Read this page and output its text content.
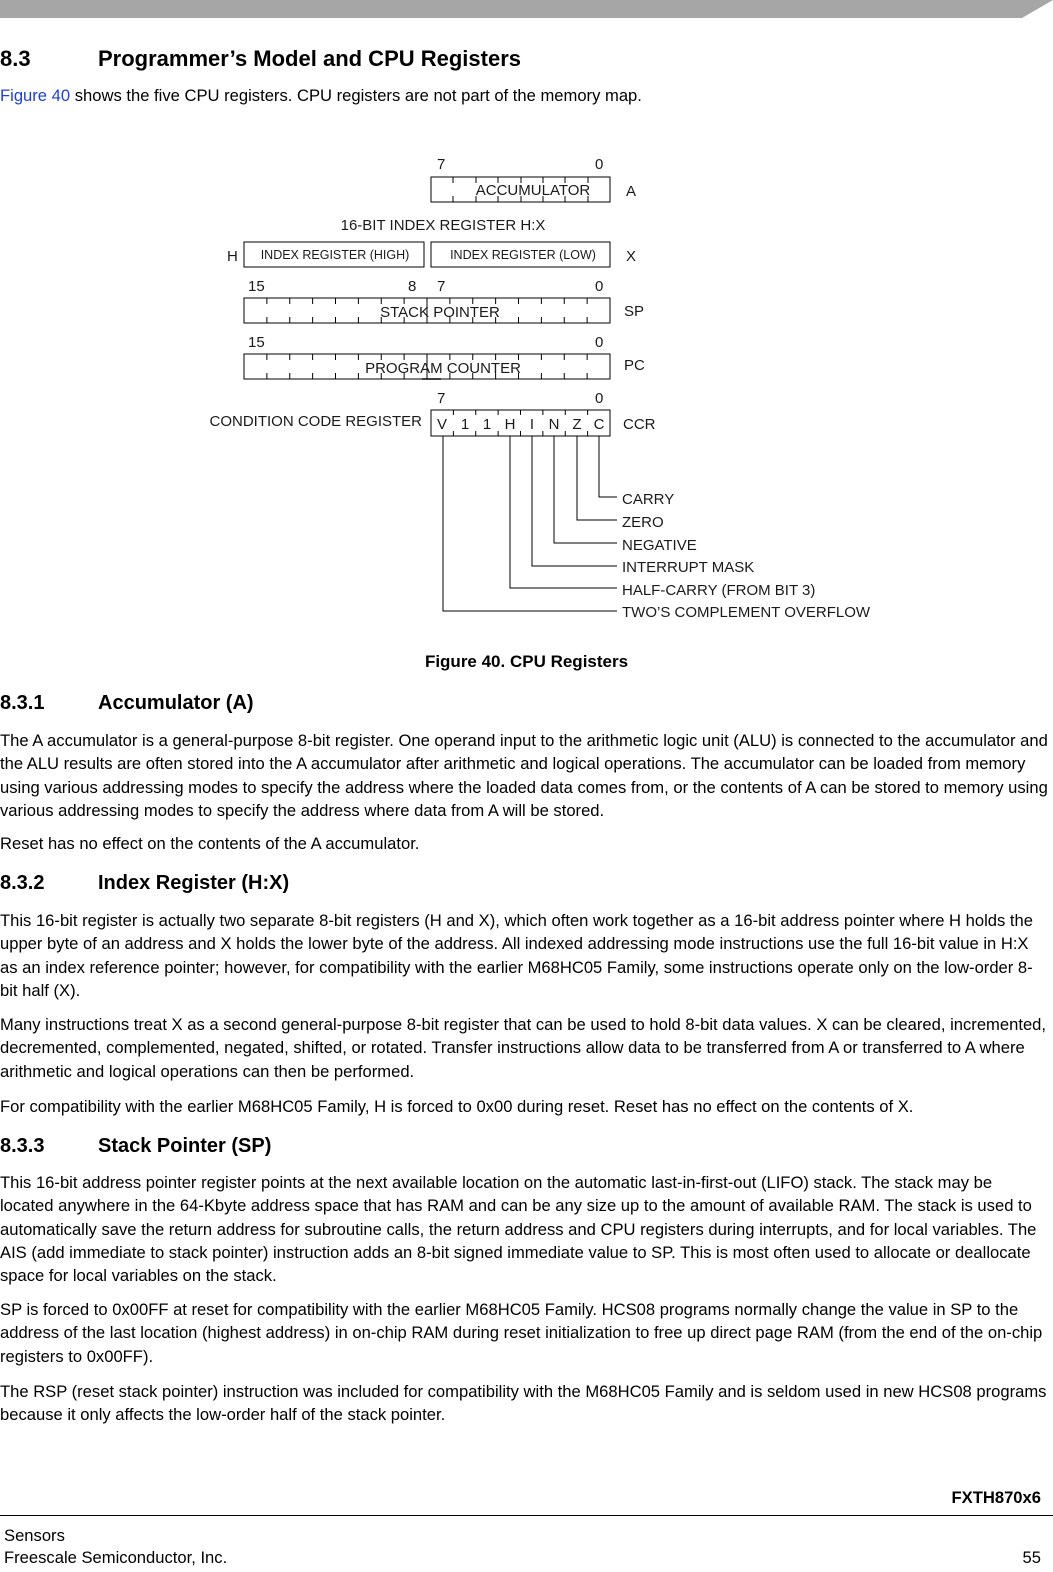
8.3	Programmer’s Model and CPU Registers

Figure 40 shows the five CPU registers. CPU registers are not part of the memory map.

7	0
ACCUMULATOR A
16-BIT INDEX REGISTER H:X
H INDEX REGISTER (HIGH)	INDEX REGISTER (LOW) X
15	8 7	0
STACK POINTER	SP
15	0
PROGRAM COUNTER	PC
7	0
CONDITION CODE REGISTER	CCR
V 1 1 H I N Z C
CARRY
ZERO
NEGATIVE
INTERRUPT MASK
HALF-CARRY (FROM BIT 3)
TWO’S COMPLEMENT OVERFLOW
Figure 40. CPU Registers
8.3.1	Accumulator (A)

The A accumulator is a general-purpose 8-bit register. One operand input to the arithmetic logic unit (ALU) is connected to the accumulator and the ALU results are often stored into the A accumulator after arithmetic and logical operations. The accumulator can be loaded from memory using various addressing modes to specify the address where the loaded data comes from, or the contents of A can be stored to memory using various addressing modes to specify the address where data from A will be stored.

Reset has no effect on the contents of the A accumulator.

8.3.2	Index Register (H:X)

This 16-bit register is actually two separate 8-bit registers (H and X), which often work together as a 16-bit address pointer where H holds the upper byte of an address and X holds the lower byte of the address. All indexed addressing mode instructions use the full 16-bit value in H:X as an index reference pointer; however, for compatibility with the earlier M68HC05 Family, some instructions operate only on the low-order 8-bit half (X).

Many instructions treat X as a second general-purpose 8-bit register that can be used to hold 8-bit data values. X can be cleared, incremented, decremented, complemented, negated, shifted, or rotated. Transfer instructions allow data to be transferred from A or transferred to A where arithmetic and logical operations can then be performed.

For compatibility with the earlier M68HC05 Family, H is forced to 0x00 during reset. Reset has no effect on the contents of X.

8.3.3	Stack Pointer (SP)

This 16-bit address pointer register points at the next available location on the automatic last-in-first-out (LIFO) stack. The stack may be located anywhere in the 64-Kbyte address space that has RAM and can be any size up to the amount of available RAM. The stack is used to automatically save the return address for subroutine calls, the return address and CPU registers during interrupts, and for local variables. The AIS (add immediate to stack pointer) instruction adds an 8-bit signed immediate value to SP. This is most often used to allocate or deallocate space for local variables on the stack.

SP is forced to 0x00FF at reset for compatibility with the earlier M68HC05 Family. HCS08 programs normally change the value in SP to the address of the last location (highest address) in on-chip RAM during reset initialization to free up direct page RAM (from the end of the on-chip registers to 0x00FF).

The RSP (reset stack pointer) instruction was included for compatibility with the M68HC05 Family and is seldom used in new HCS08 programs because it only affects the low-order half of the stack pointer.

FXTH870x6
Sensors
Freescale Semiconductor, Inc.	55
